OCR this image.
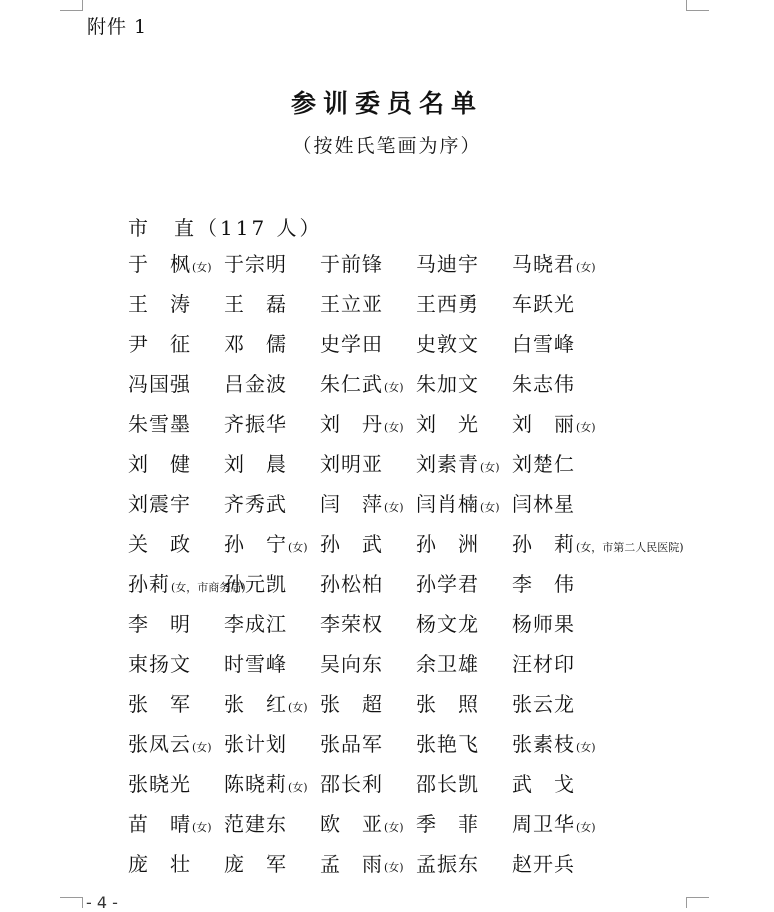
附件 1
参训委员名单
（按姓氏笔画为序）
市　直（117 人）
于　枫(女) 于宗明 于前锋 马迪宇 马晓君(女)
王　涛 王　磊 王立亚 王西勇 车跃光
尹　征 邓　儒 史学田 史敦文 白雪峰
冯国强 吕金波 朱仁武(女) 朱加文 朱志伟
朱雪墨 齐振华 刘　丹(女) 刘　光 刘　丽(女)
刘　健 刘　晨 刘明亚 刘素青(女) 刘楚仁
刘震宇 齐秀武 闫　萍(女) 闫肖楠(女) 闫林星
关　政 孙　宁(女) 孙　武 孙　洲 孙　莉(女，市第二人民医院)
孙莉(女，市商务局)
孙元凯 孙松柏 孙学君 李　伟
李　明 李成江 李荣权 杨文龙 杨师果
束扬文 时雪峰 吴向东 余卫雄 汪材印
张　军 张　红(女) 张　超 张　照 张云龙
张凤云(女) 张计划 张品军 张艳飞 张素枝(女)
张晓光 陈晓莉(女) 邵长利 邵长凯 武　戈
苗　晴(女) 范建东 欧　亚(女) 季　菲 周卫华(女)
庞　壮 庞　军 孟　雨(女) 孟振东 赵开兵
- 4 -
